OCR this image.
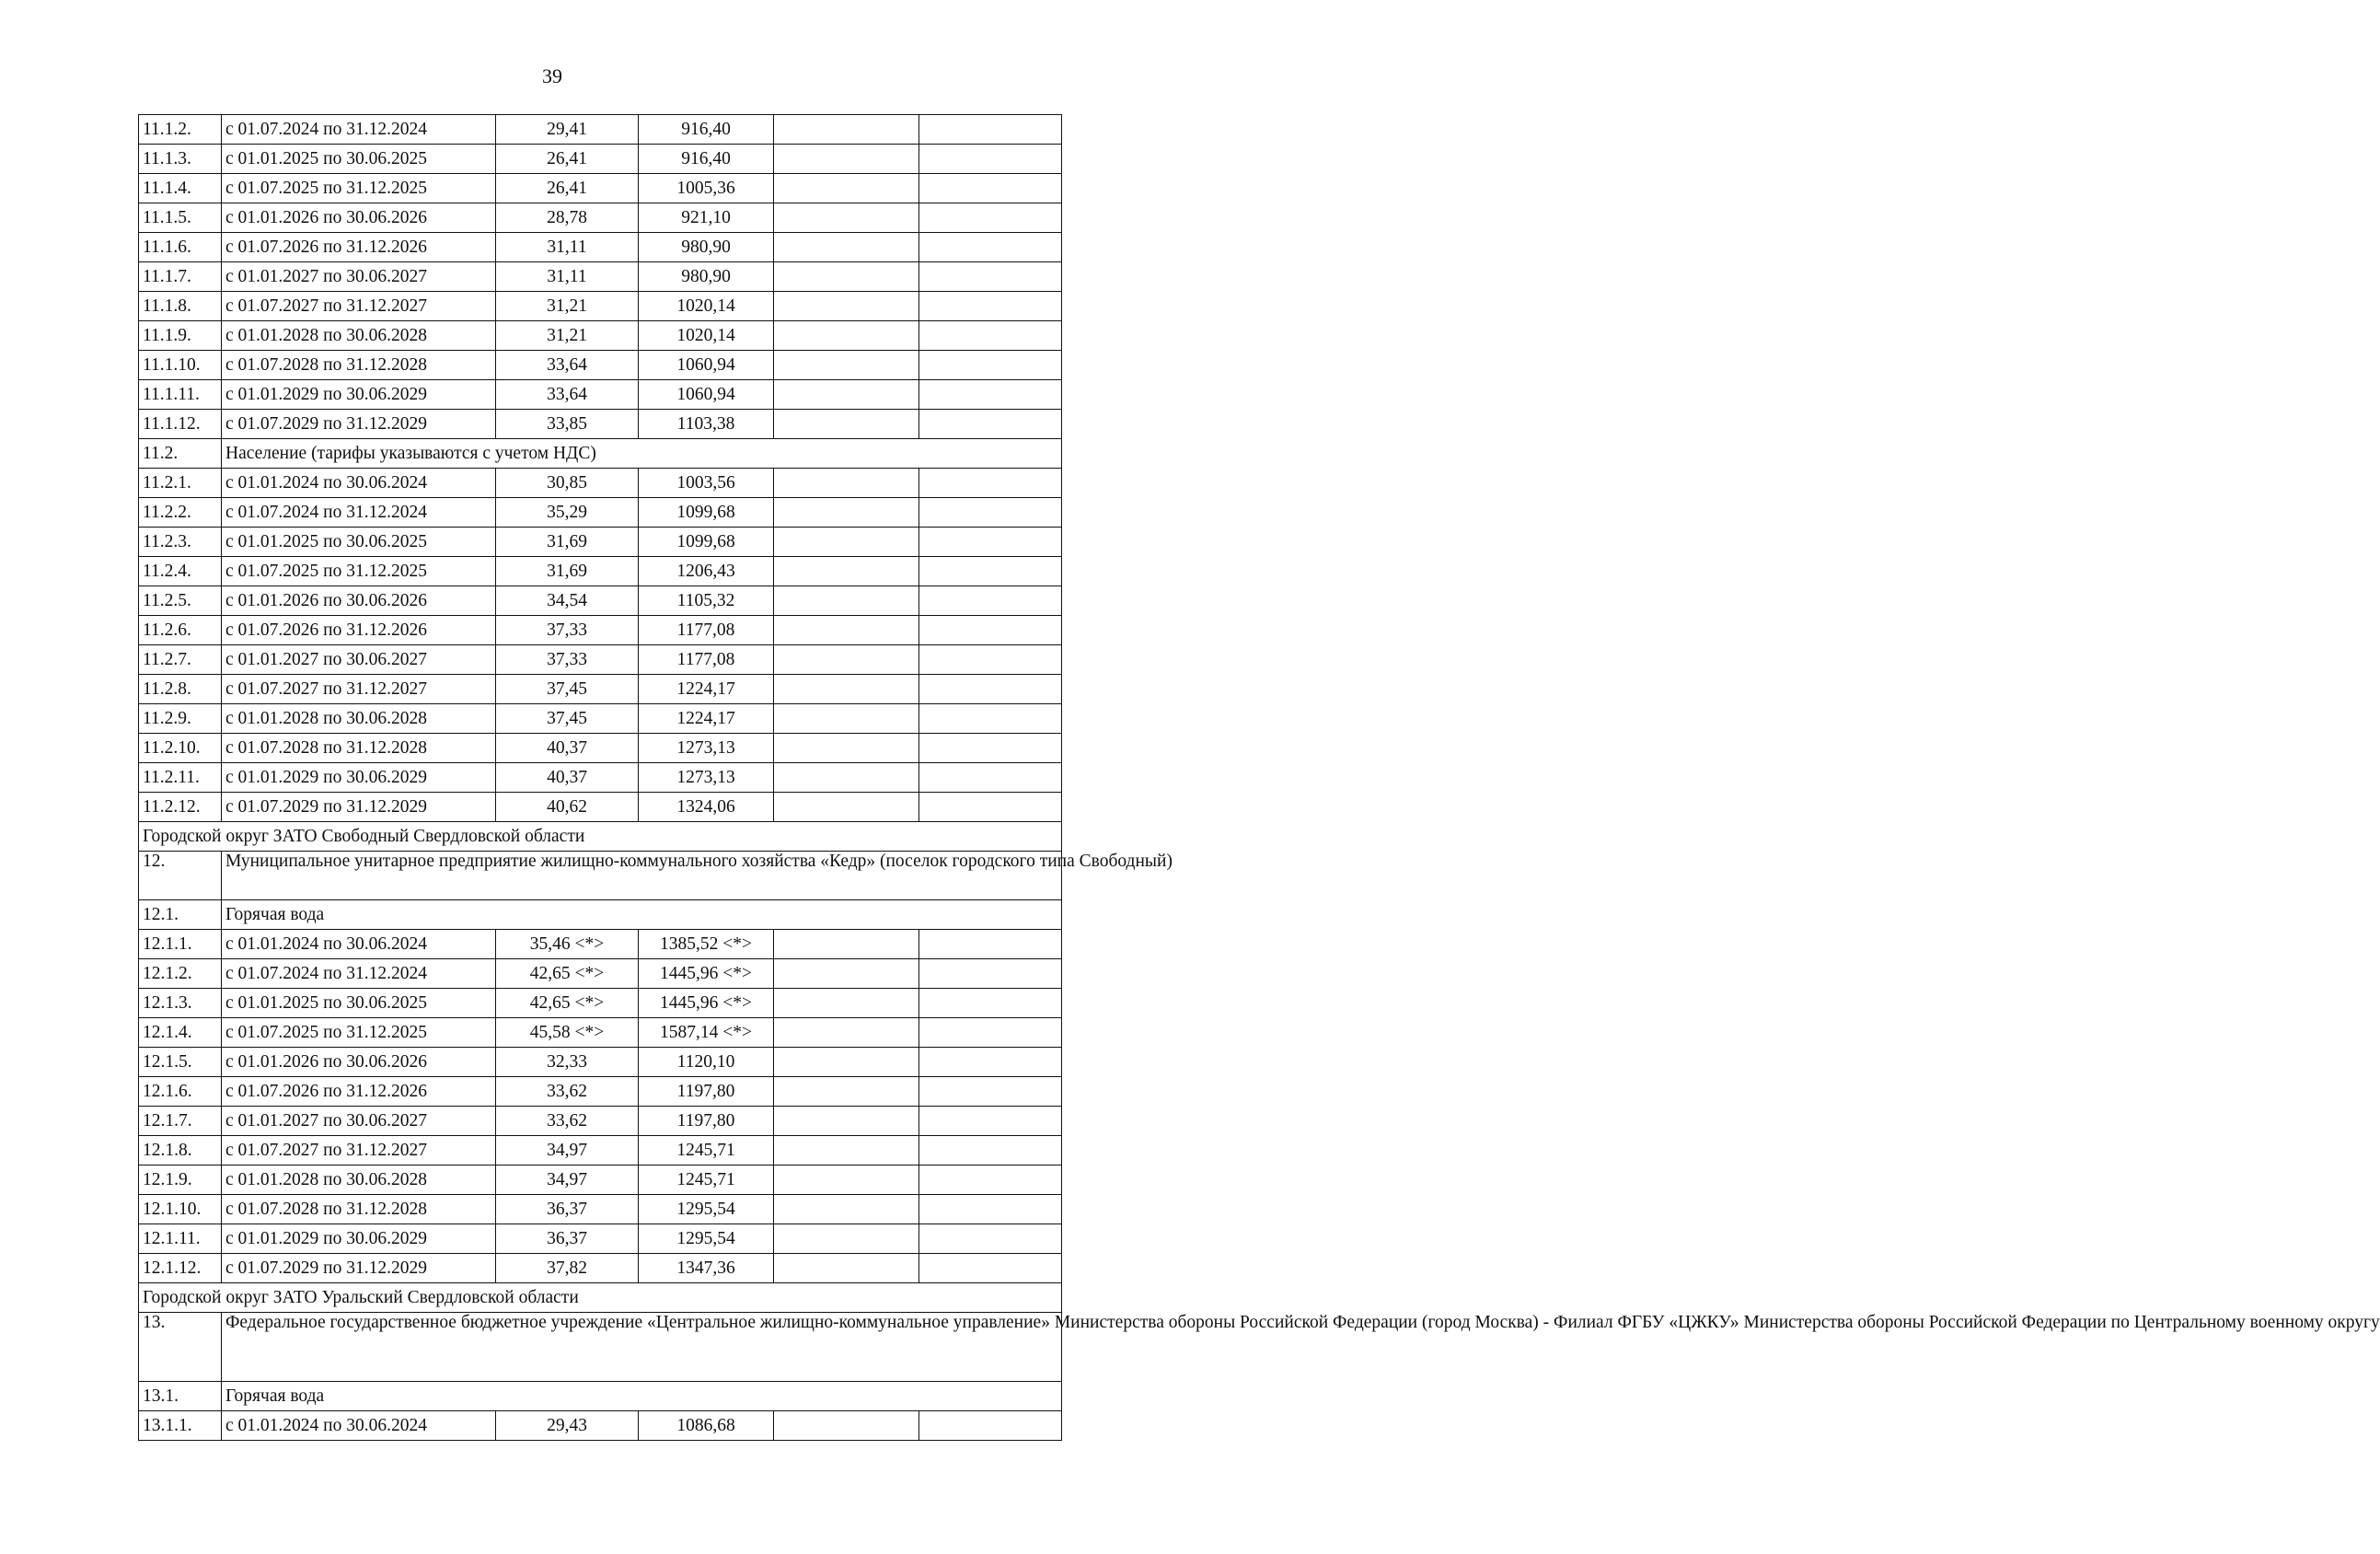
39
11.1.2.	с 01.07.2024 по 31.12.2024	29,41	916,40		
11.1.3.	с 01.01.2025 по 30.06.2025	26,41	916,40		
11.1.4.	с 01.07.2025 по 31.12.2025	26,41	1005,36		
11.1.5.	с 01.01.2026 по 30.06.2026	28,78	921,10		
11.1.6.	с 01.07.2026 по 31.12.2026	31,11	980,90		
11.1.7.	с 01.01.2027 по 30.06.2027	31,11	980,90		
11.1.8.	с 01.07.2027 по 31.12.2027	31,21	1020,14		
11.1.9.	с 01.01.2028 по 30.06.2028	31,21	1020,14		
11.1.10.	с 01.07.2028 по 31.12.2028	33,64	1060,94		
11.1.11.	с 01.01.2029 по 30.06.2029	33,64	1060,94		
11.1.12.	с 01.07.2029 по 31.12.2029	33,85	1103,38		
11.2.	Население (тарифы указываются с учетом НДС)				
11.2.1.	с 01.01.2024 по 30.06.2024	30,85	1003,56		
11.2.2.	с 01.07.2024 по 31.12.2024	35,29	1099,68		
11.2.3.	с 01.01.2025 по 30.06.2025	31,69	1099,68		
11.2.4.	с 01.07.2025 по 31.12.2025	31,69	1206,43		
11.2.5.	с 01.01.2026 по 30.06.2026	34,54	1105,32		
11.2.6.	с 01.07.2026 по 31.12.2026	37,33	1177,08		
11.2.7.	с 01.01.2027 по 30.06.2027	37,33	1177,08		
11.2.8.	с 01.07.2027 по 31.12.2027	37,45	1224,17		
11.2.9.	с 01.01.2028 по 30.06.2028	37,45	1224,17		
11.2.10.	с 01.07.2028 по 31.12.2028	40,37	1273,13		
11.2.11.	с 01.01.2029 по 30.06.2029	40,37	1273,13		
11.2.12.	с 01.07.2029 по 31.12.2029	40,62	1324,06		
Городской округ ЗАТО Свободный Свердловской области					
12.	Муниципальное унитарное предприятие жилищно-коммунального хозяйства «Кедр» (поселок городского типа Свободный)				
12.1.	Горячая вода				
12.1.1.	с 01.01.2024 по 30.06.2024	35,46 <*>	1385,52 <*>		
12.1.2.	с 01.07.2024 по 31.12.2024	42,65 <*>	1445,96 <*>		
12.1.3.	с 01.01.2025 по 30.06.2025	42,65 <*>	1445,96 <*>		
12.1.4.	с 01.07.2025 по 31.12.2025	45,58 <*>	1587,14 <*>		
12.1.5.	с 01.01.2026 по 30.06.2026	32,33	1120,10		
12.1.6.	с 01.07.2026 по 31.12.2026	33,62	1197,80		
12.1.7.	с 01.01.2027 по 30.06.2027	33,62	1197,80		
12.1.8.	с 01.07.2027 по 31.12.2027	34,97	1245,71		
12.1.9.	с 01.01.2028 по 30.06.2028	34,97	1245,71		
12.1.10.	с 01.07.2028 по 31.12.2028	36,37	1295,54		
12.1.11.	с 01.01.2029 по 30.06.2029	36,37	1295,54		
12.1.12.	с 01.07.2029 по 31.12.2029	37,82	1347,36		
Городской округ ЗАТО Уральский Свердловской области					
13.	Федеральное государственное бюджетное учреждение «Центральное жилищно-коммунальное управление» Министерства обороны Российской Федерации (город Москва) - Филиал ФГБУ «ЦЖКУ» Министерства обороны Российской Федерации по Центральному военному округу				
13.1.	Горячая вода				
13.1.1.	с 01.01.2024 по 30.06.2024	29,43	1086,68		
